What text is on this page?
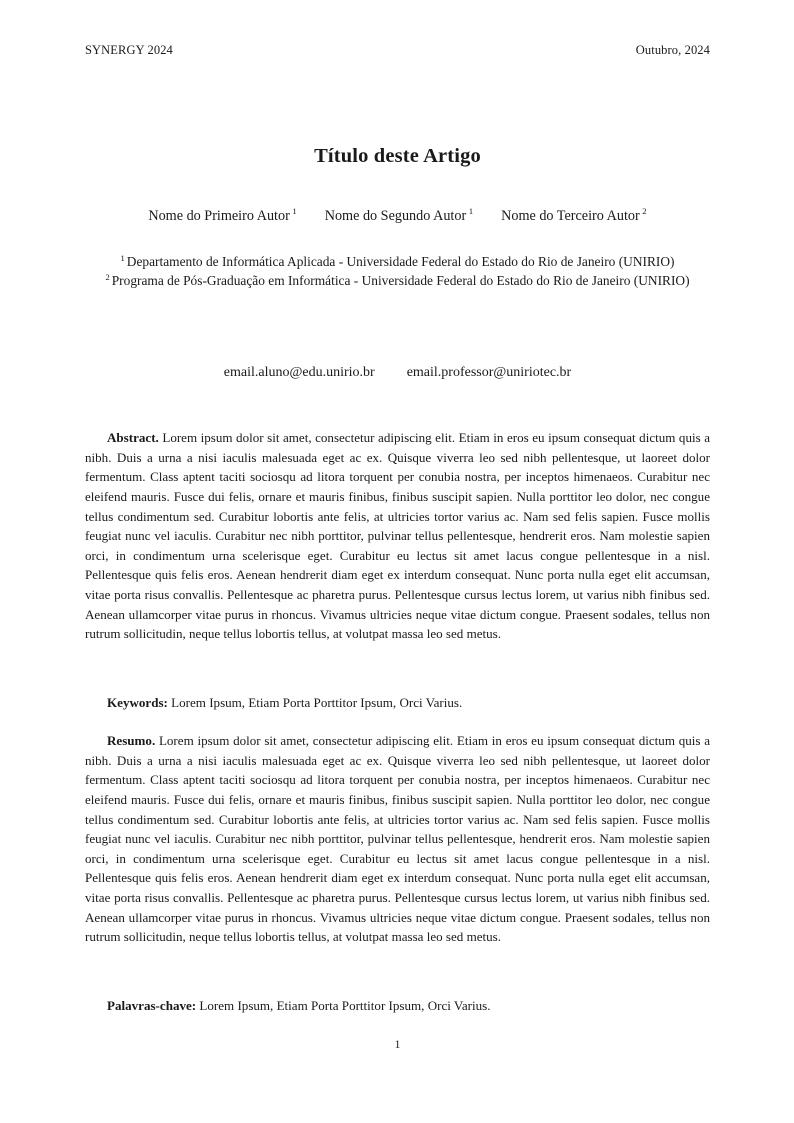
SYNERGY 2024	Outubro, 2024
Título deste Artigo
Nome do Primeiro Autor $^1$	Nome do Segundo Autor $^1$	Nome do Terceiro Autor $^2$
$^1$ Departamento de Informática Aplicada - Universidade Federal do Estado do Rio de Janeiro (UNIRIO)
$^2$ Programa de Pós-Graduação em Informática - Universidade Federal do Estado do Rio de Janeiro (UNIRIO)
email.aluno@edu.unirio.br	email.professor@uniriotec.br

Abstract. Lorem ipsum dolor sit amet, consectetur adipiscing elit. Etiam in eros eu ipsum consequat dictum quis a nibh. Duis a urna a nisi iaculis malesuada eget ac ex. Quisque viverra leo sed nibh pellentesque, ut laoreet dolor fermentum. Class aptent taciti sociosqu ad litora torquent per conubia nostra, per inceptos himenaeos. Curabitur nec eleifend mauris. Fusce dui felis, ornare et mauris finibus, finibus suscipit sapien. Nulla porttitor leo dolor, nec congue tellus condimentum sed. Curabitur lobortis ante felis, at ultricies tortor varius ac. Nam sed felis sapien. Fusce mollis feugiat nunc vel iaculis. Curabitur nec nibh porttitor, pulvinar tellus pellentesque, hendrerit eros. Nam molestie sapien orci, in condimentum urna scelerisque eget. Curabitur eu lectus sit amet lacus congue pellentesque in a nisl. Pellentesque quis felis eros. Aenean hendrerit diam eget ex interdum consequat. Nunc porta nulla eget elit accumsan, vitae porta risus convallis. Pellentesque ac pharetra purus. Pellentesque cursus lectus lorem, ut varius nibh finibus sed. Aenean ullamcorper vitae purus in rhoncus. Vivamus ultricies neque vitae dictum congue. Praesent sodales, tellus non rutrum sollicitudin, neque tellus lobortis tellus, at volutpat massa leo sed metus.

Keywords: Lorem Ipsum, Etiam Porta Porttitor Ipsum, Orci Varius.

Resumo. Lorem ipsum dolor sit amet, consectetur adipiscing elit. Etiam in eros eu ipsum consequat dictum quis a nibh. Duis a urna a nisi iaculis malesuada eget ac ex. Quisque viverra leo sed nibh pellentesque, ut laoreet dolor fermentum. Class aptent taciti sociosqu ad litora torquent per conubia nostra, per inceptos himenaeos. Curabitur nec eleifend mauris. Fusce dui felis, ornare et mauris finibus, finibus suscipit sapien. Nulla porttitor leo dolor, nec congue tellus condimentum sed. Curabitur lobortis ante felis, at ultricies tortor varius ac. Nam sed felis sapien. Fusce mollis feugiat nunc vel iaculis. Curabitur nec nibh porttitor, pulvinar tellus pellentesque, hendrerit eros. Nam molestie sapien orci, in condimentum urna scelerisque eget. Curabitur eu lectus sit amet lacus congue pellentesque in a nisl. Pellentesque quis felis eros. Aenean hendrerit diam eget ex interdum consequat. Nunc porta nulla eget elit accumsan, vitae porta risus convallis. Pellentesque ac pharetra purus. Pellentesque cursus lectus lorem, ut varius nibh finibus sed. Aenean ullamcorper vitae purus in rhoncus. Vivamus ultricies neque vitae dictum congue. Praesent sodales, tellus non rutrum sollicitudin, neque tellus lobortis tellus, at volutpat massa leo sed metus.

Palavras-chave: Lorem Ipsum, Etiam Porta Porttitor Ipsum, Orci Varius.
1
